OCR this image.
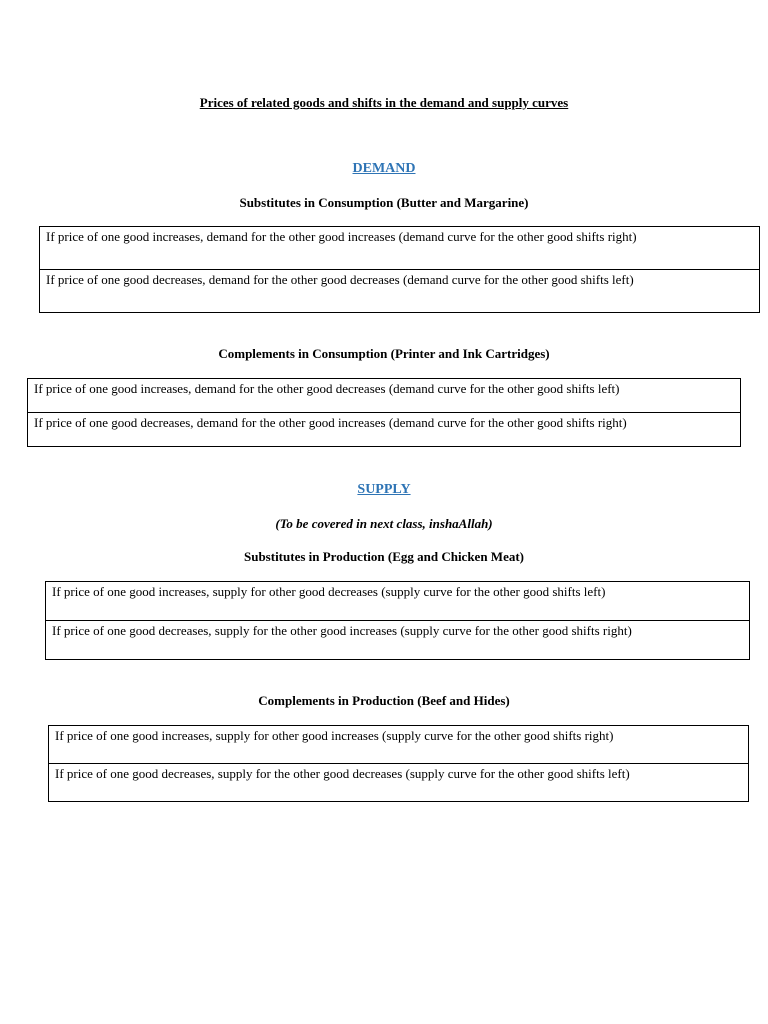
Prices of related goods and shifts in the demand and supply curves
DEMAND
Substitutes in Consumption (Butter and Margarine)
If price of one good increases, demand for the other good increases (demand curve for the other good shifts right)
If price of one good decreases, demand for the other good decreases (demand curve for the other good shifts left)
Complements in Consumption (Printer and Ink Cartridges)
If price of one good increases, demand for the other good decreases (demand curve for the other good shifts left)
If price of one good decreases, demand for the other good increases (demand curve for the other good shifts right)
SUPPLY
(To be covered in next class, inshaAllah)
Substitutes in Production (Egg and Chicken Meat)
If price of one good increases, supply for other good decreases (supply curve for the other good shifts left)
If price of one good decreases, supply for the other good increases (supply curve for the other good shifts right)
Complements in Production (Beef and Hides)
If price of one good increases, supply for other good increases (supply curve for the other good shifts right)
If price of one good decreases, supply for the other good decreases (supply curve for the other good shifts left)
